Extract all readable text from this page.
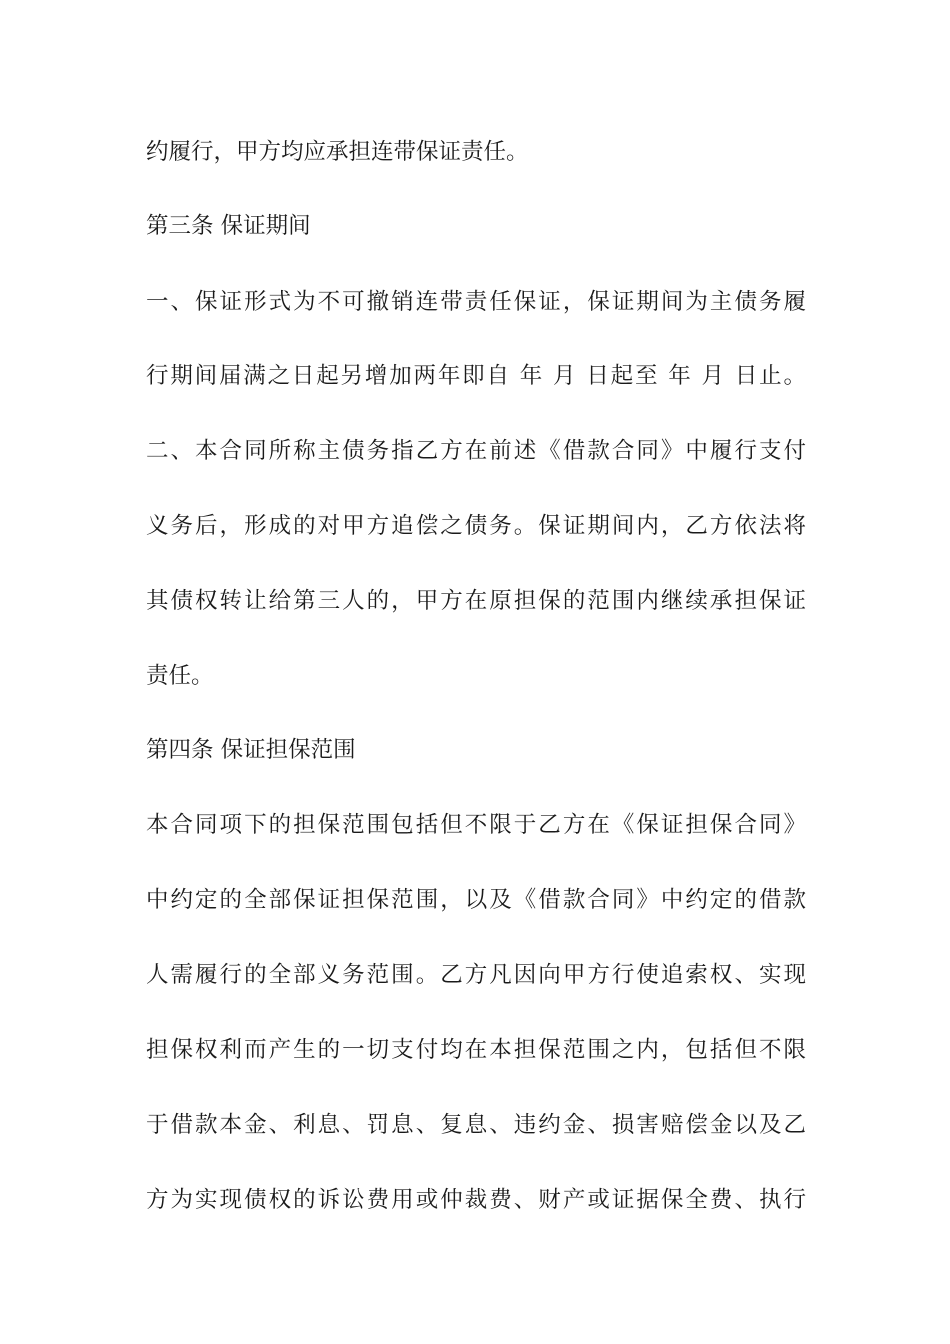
约履行，甲方均应承担连带保证责任。
第三条 保证期间
一、保证形式为不可撤销连带责任保证，保证期间为主债务履
行期间届满之日起另增加两年即自 年 月 日起至 年 月 日止。
二、本合同所称主债务指乙方在前述《借款合同》中履行支付
义务后，形成的对甲方追偿之债务。保证期间内，乙方依法将
其债权转让给第三人的，甲方在原担保的范围内继续承担保证
责任。
第四条 保证担保范围
本合同项下的担保范围包括但不限于乙方在《保证担保合同》
中约定的全部保证担保范围，以及《借款合同》中约定的借款
人需履行的全部义务范围。乙方凡因向甲方行使追索权、实现
担保权利而产生的一切支付均在本担保范围之内，包括但不限
于借款本金、利息、罚息、复息、违约金、损害赔偿金以及乙
方为实现债权的诉讼费用或仲裁费、财产或证据保全费、执行
